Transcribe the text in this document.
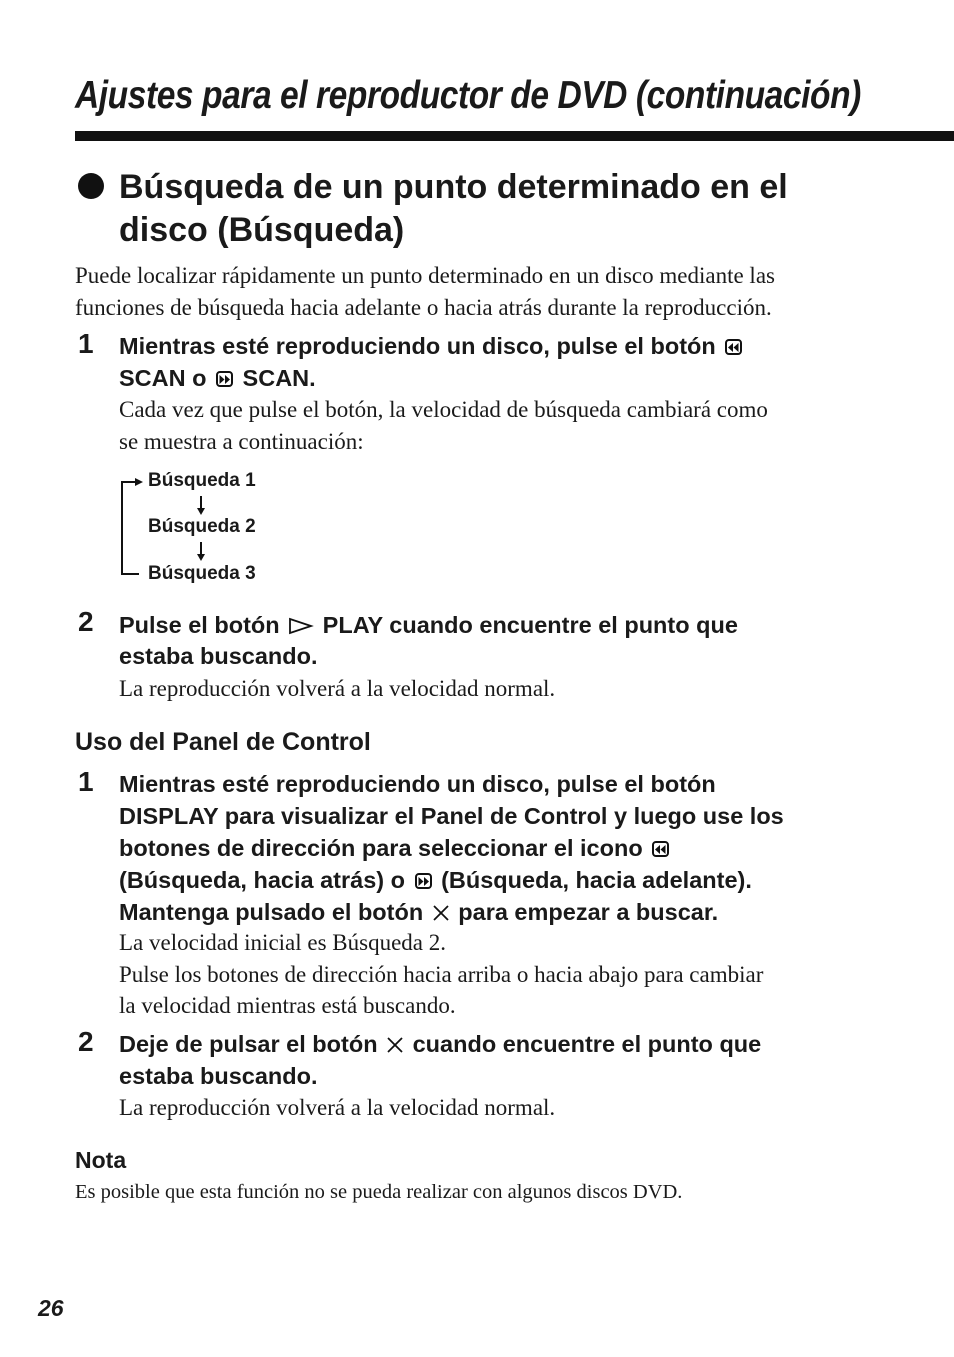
Ajustes para el reproductor de DVD (continuación)
Búsqueda de un punto determinado en el
disco (Búsqueda)
Puede localizar rápidamente un punto determinado en un disco mediante las
funciones de búsqueda hacia adelante o hacia atrás durante la reproducción.
1 Mientras esté reproduciendo un disco, pulse el botón
SCAN o SCAN.
Cada vez que pulse el botón, la velocidad de búsqueda cambiará como
se muestra a continuación:
Búsqueda 1
Búsqueda 2
Búsqueda 3
2 Pulse el botón PLAY cuando encuentre el punto que
estaba buscando.
La reproducción volverá a la velocidad normal.
Uso del Panel de Control
1 Mientras esté reproduciendo un disco, pulse el botón
DISPLAY para visualizar el Panel de Control y luego use los
botones de dirección para seleccionar el icono
(Búsqueda, hacia atrás) o (Búsqueda, hacia adelante).
Mantenga pulsado el botón para empezar a buscar.
La velocidad inicial es Búsqueda 2.
Pulse los botones de dirección hacia arriba o hacia abajo para cambiar
la velocidad mientras está buscando.
2 Deje de pulsar el botón cuando encuentre el punto que
estaba buscando.
La reproducción volverá a la velocidad normal.
Nota
Es posible que esta función no se pueda realizar con algunos discos DVD.
26
